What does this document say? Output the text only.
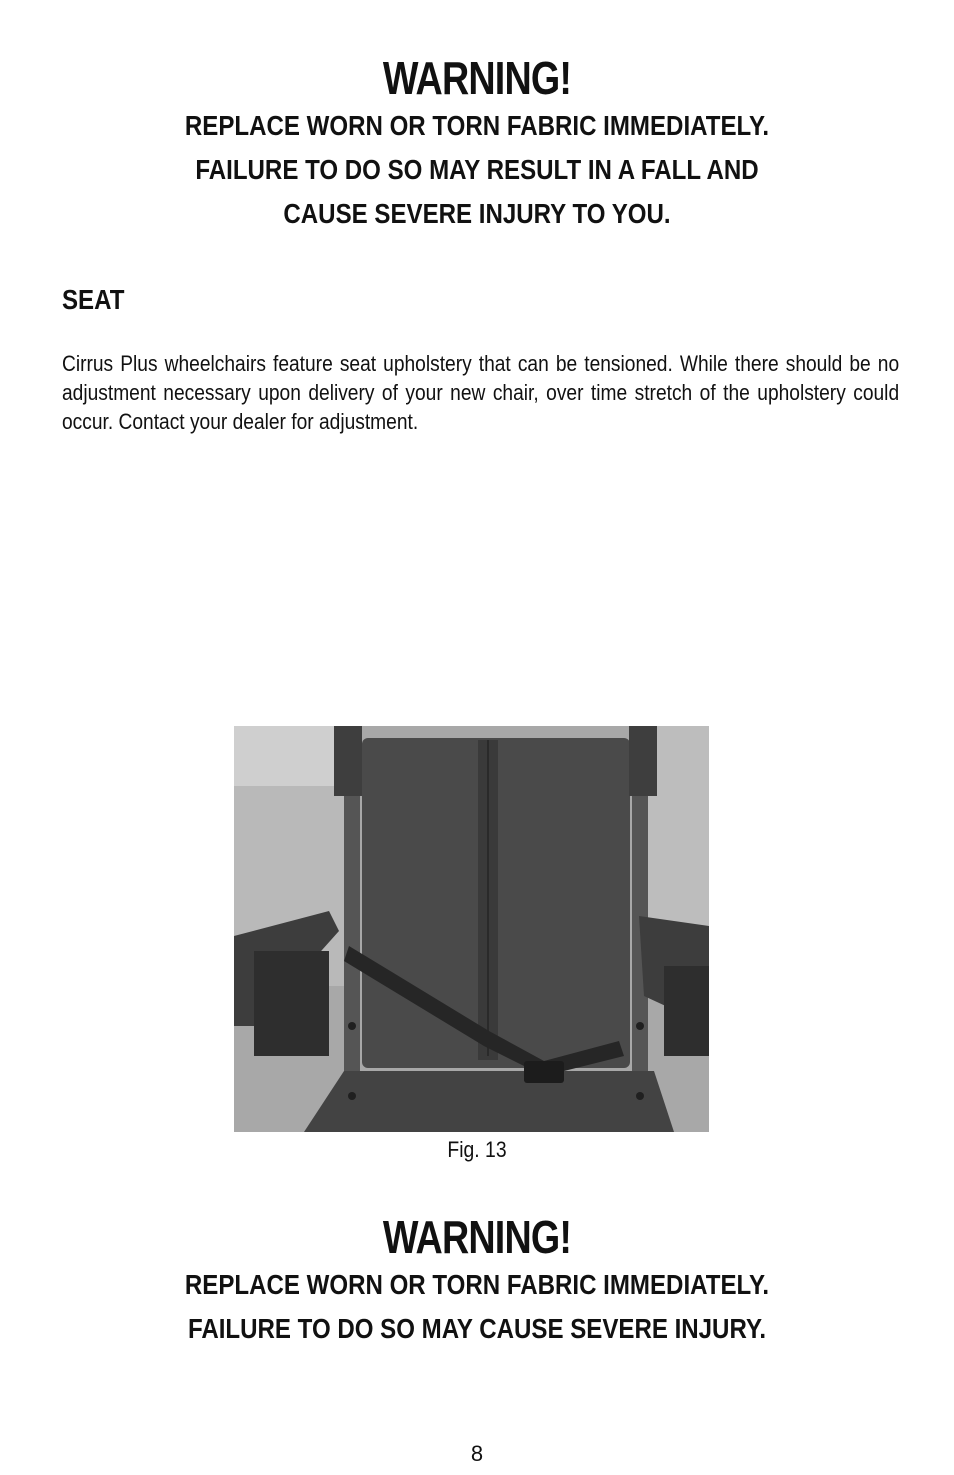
WARNING!

REPLACE WORN OR TORN FABRIC IMMEDIATELY.

FAILURE TO DO SO MAY RESULT IN A FALL AND

CAUSE SEVERE INJURY TO YOU.

SEAT

Cirrus Plus wheelchairs feature seat upholstery that can be tensioned. While there should be no adjustment necessary upon delivery of your new chair, over time stretch of the upholstery could occur. Contact your dealer for adjustment.

Fig. 13

WARNING!

REPLACE WORN OR TORN FABRIC IMMEDIATELY.

FAILURE TO DO SO MAY CAUSE SEVERE INJURY.

8
